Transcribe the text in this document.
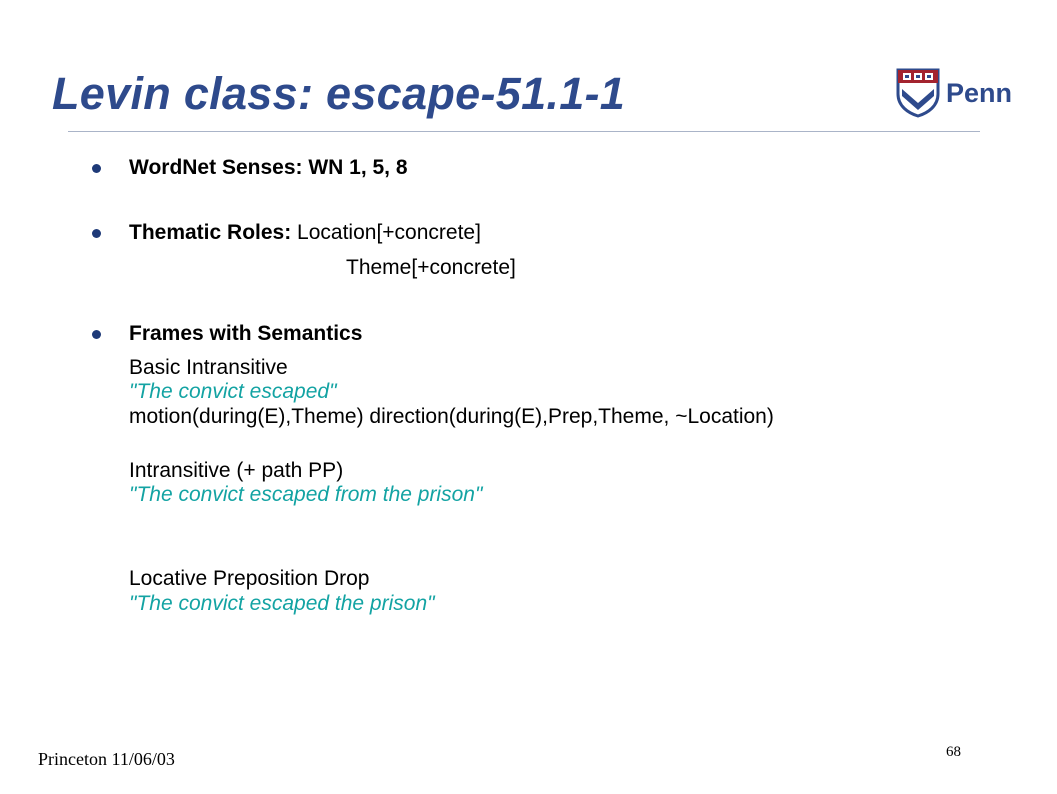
Levin class: escape-51.1-1	Penn
WordNet Senses: WN 1, 5, 8
Thematic Roles: Location[+concrete]
Theme[+concrete]
Frames with Semantics
Basic Intransitive
"The convict escaped"
motion(during(E),Theme) direction(during(E),Prep,Theme, ~Location)
Intransitive (+ path PP)
"The convict escaped from the prison"
Locative Preposition Drop
"The convict escaped the prison"
Princeton 11/06/03	68
